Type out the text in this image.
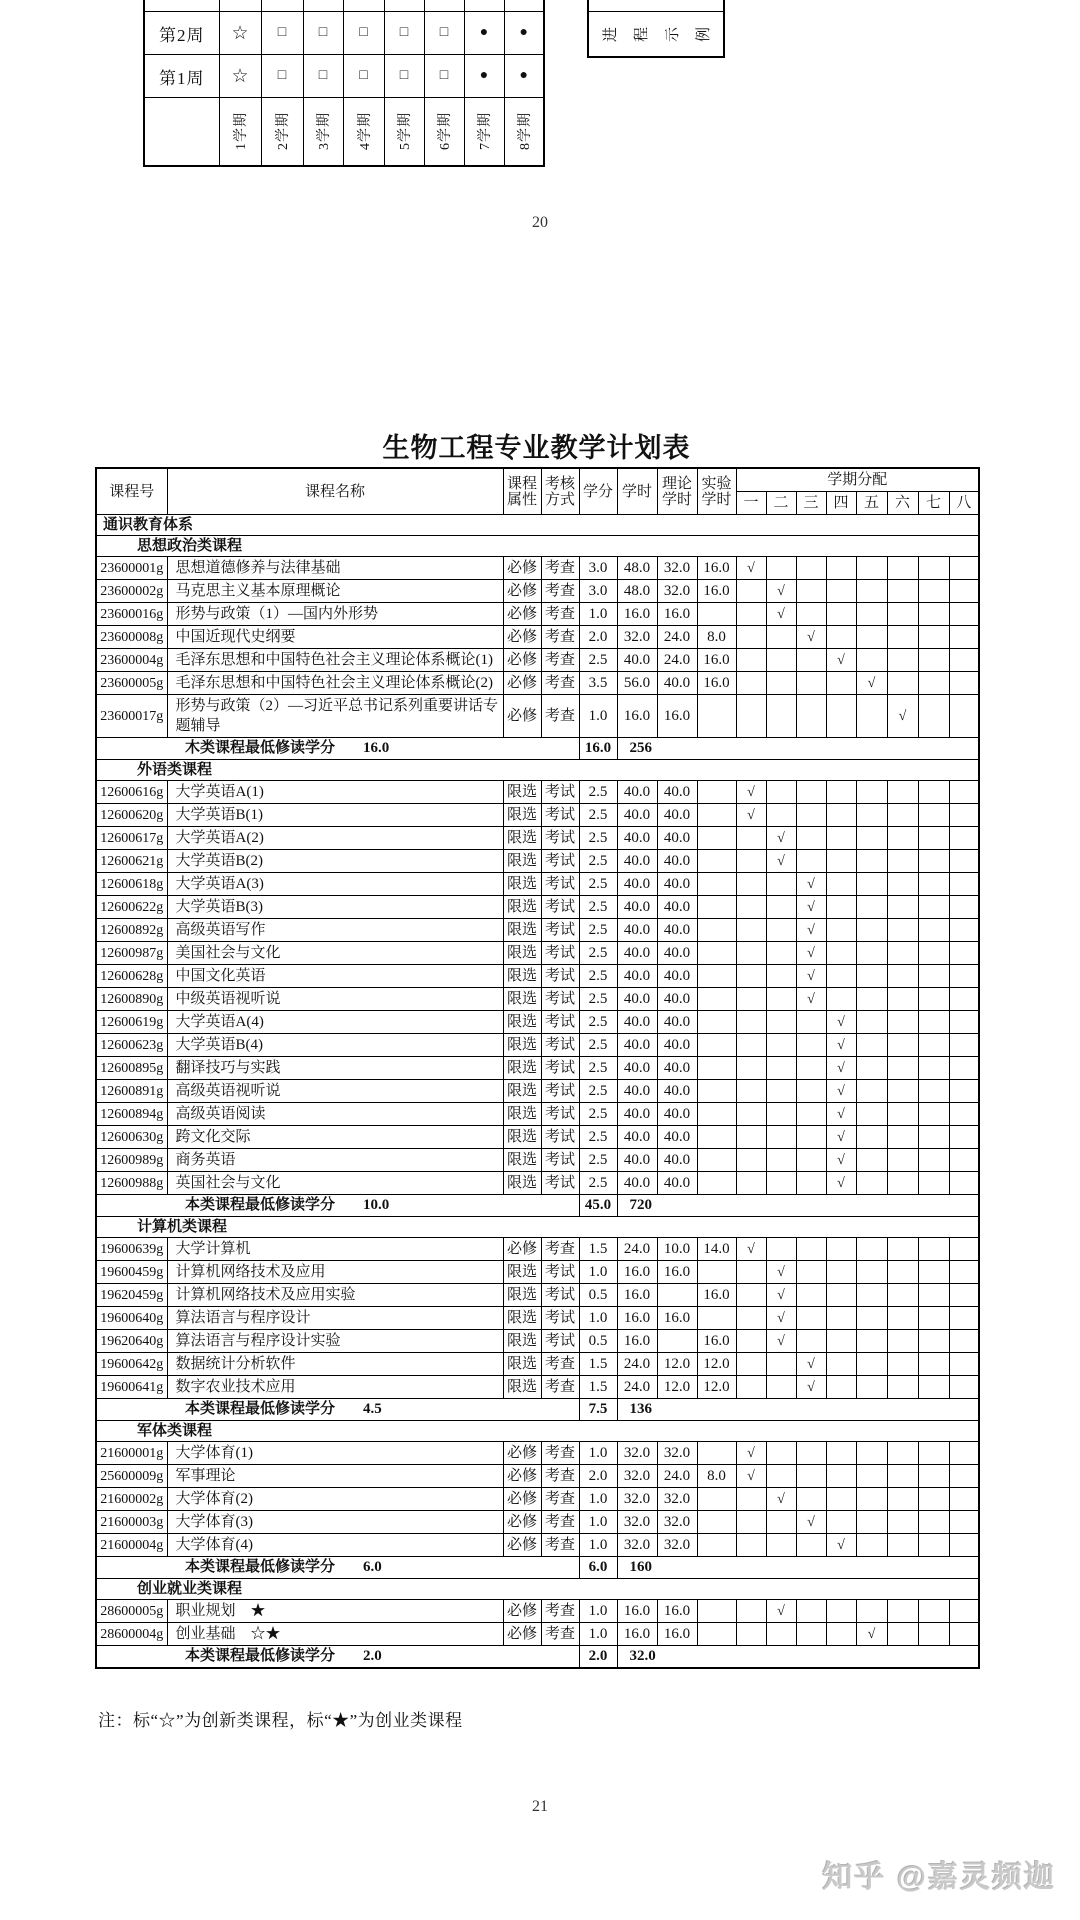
第2周	☆	□	□	□	□	□	●	●
第1周	☆	□	□	□	□	□	●	●

	1学期	2学期	3学期	4学期	5学期	6学期	7学期	8学期
进 程 示 例
20
生物工程专业教学计划表
课程号	课程名称	课程属性	考核方式	学分	学时	理论学时	实验学时	学期分配							
								一	二	三	四	五	六	七	八
通识教育体系															
思想政治类课程															
23600001g	思想道德修养与法律基础	必修	考查	3.0	48.0	32.0	16.0	√							
23600002g	马克思主义基本原理概论	必修	考查	3.0	48.0	32.0	16.0		√						
23600016g	形势与政策（1）—国内外形势	必修	考查	1.0	16.0	16.0			√						
23600008g	中国近现代史纲要	必修	考查	2.0	32.0	24.0	8.0			√					
23600004g	毛泽东思想和中国特色社会主义理论体系概论(1)	必修	考查	2.5	40.0	24.0	16.0				√				
23600005g	毛泽东思想和中国特色社会主义理论体系概论(2)	必修	考查	3.5	56.0	40.0	16.0					√			
23600017g	形势与政策（2）—习近平总书记系列重要讲话专题辅导	必修	考查	1.0	16.0	16.0							√		
木类课程最低修读学分 16.0				16.0	256										
外语类课程															
12600616g	大学英语A(1)	限选	考试	2.5	40.0	40.0		√							
12600620g	大学英语B(1)	限选	考试	2.5	40.0	40.0		√							
12600617g	大学英语A(2)	限选	考试	2.5	40.0	40.0			√						
12600621g	大学英语B(2)	限选	考试	2.5	40.0	40.0			√						
12600618g	大学英语A(3)	限选	考试	2.5	40.0	40.0				√					
12600622g	大学英语B(3)	限选	考试	2.5	40.0	40.0				√					
12600892g	高级英语写作	限选	考试	2.5	40.0	40.0				√					
12600987g	美国社会与文化	限选	考试	2.5	40.0	40.0				√					
12600628g	中国文化英语	限选	考试	2.5	40.0	40.0				√					
12600890g	中级英语视听说	限选	考试	2.5	40.0	40.0				√					
12600619g	大学英语A(4)	限选	考试	2.5	40.0	40.0					√				
12600623g	大学英语B(4)	限选	考试	2.5	40.0	40.0					√				
12600895g	翻译技巧与实践	限选	考试	2.5	40.0	40.0					√				
12600891g	高级英语视听说	限选	考试	2.5	40.0	40.0					√				
12600894g	高级英语阅读	限选	考试	2.5	40.0	40.0					√				
12600630g	跨文化交际	限选	考试	2.5	40.0	40.0					√				
12600989g	商务英语	限选	考试	2.5	40.0	40.0					√				
12600988g	英国社会与文化	限选	考试	2.5	40.0	40.0					√				
本类课程最低修读学分 10.0				45.0	720										
计算机类课程															
19600639g	大学计算机	必修	考查	1.5	24.0	10.0	14.0	√							
19600459g	计算机网络技术及应用	限选	考试	1.0	16.0	16.0			√						
19620459g	计算机网络技术及应用实验	限选	考试	0.5	16.0		16.0		√						
19600640g	算法语言与程序设计	限选	考试	1.0	16.0	16.0			√						
19620640g	算法语言与程序设计实验	限选	考试	0.5	16.0		16.0		√						
19600642g	数据统计分析软件	限选	考查	1.5	24.0	12.0	12.0			√					
19600641g	数字农业技术应用	限选	考查	1.5	24.0	12.0	12.0			√					
本类课程最低修读学分 4.5				7.5	136										
军体类课程															
21600001g	大学体育(1)	必修	考查	1.0	32.0	32.0		√							
25600009g	军事理论	必修	考查	2.0	32.0	24.0	8.0	√							
21600002g	大学体育(2)	必修	考查	1.0	32.0	32.0			√						
21600003g	大学体育(3)	必修	考查	1.0	32.0	32.0				√					
21600004g	大学体育(4)	必修	考查	1.0	32.0	32.0					√				
本类课程最低修读学分 6.0				6.0	160										
创业就业类课程															
28600005g	职业规划　★	必修	考查	1.0	16.0	16.0			√						
28600004g	创业基础　☆★	必修	考查	1.0	16.0	16.0						√			
本类课程最低修读学分 2.0				2.0	32.0										
注：标“☆”为创新类课程，标“★”为创业类课程
21
知乎 @嘉灵频迦
